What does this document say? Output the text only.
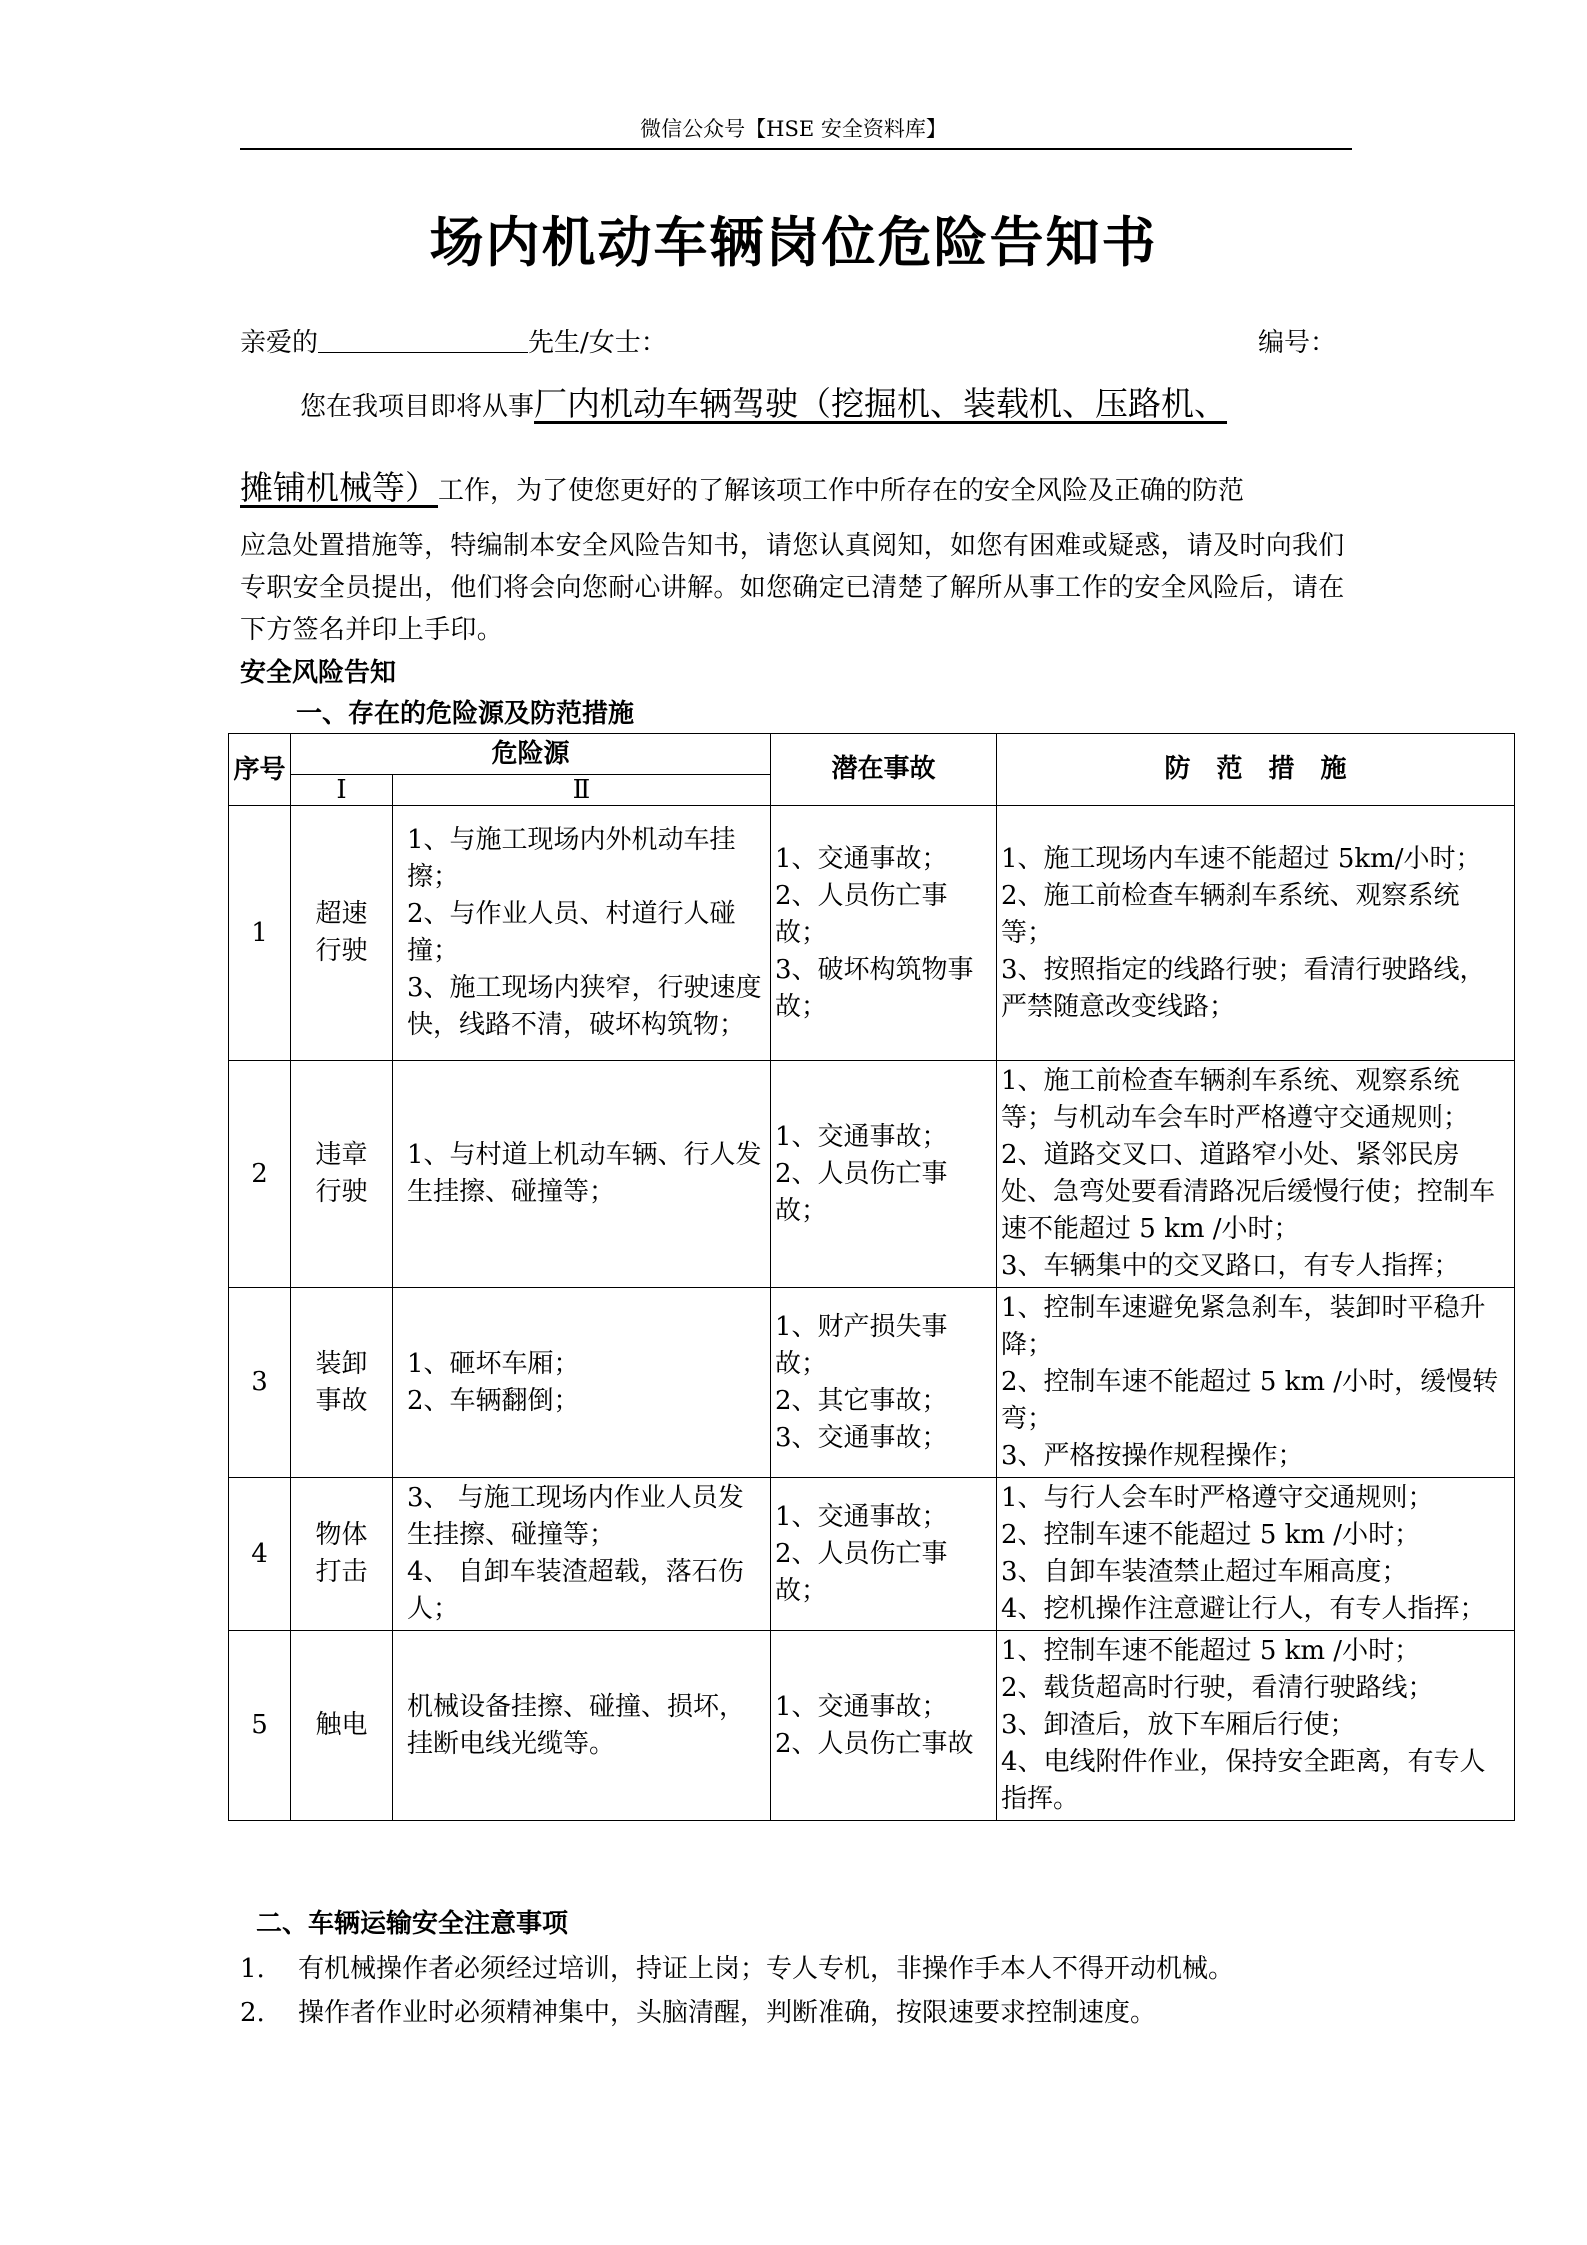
微信公众号【HSE 安全资料库】
场内机动车辆岗位危险告知书
亲爱的	先生/女士：	编号：
您在我项目即将从事厂内机动车辆驾驶（挖掘机、装载机、压路机、
摊铺机械等）工作，为了使您更好的了解该项工作中所存在的安全风险及正确的防范
应急处置措施等，特编制本安全风险告知书，请您认真阅知，如您有困难或疑惑，请及时向我们专职安全员提出，他们将会向您耐心讲解。如您确定已清楚了解所从事工作的安全风险后，请在下方签名并印上手印。
安全风险告知
一、存在的危险源及防范措施
序号	危险源		潜在事故	防　范　措　施
	Ⅰ	Ⅱ		
1	超速行驶	1、与施工现场内外机动车挂擦；
2、与作业人员、村道行人碰撞；
3、施工现场内狭窄，行驶速度快，线路不清，破坏构筑物；	1、交通事故；
2、人员伤亡事故；
3、破坏构筑物事故；	1、施工现场内车速不能超过 5km/小时；
2、施工前检查车辆刹车系统、观察系统等；
3、按照指定的线路行驶；看清行驶路线，严禁随意改变线路；

2	违章行驶	1、与村道上机动车辆、行人发生挂擦、碰撞等；	1、交通事故；
2、人员伤亡事故；	1、施工前检查车辆刹车系统、观察系统等；与机动车会车时严格遵守交通规则；
2、道路交叉口、道路窄小处、紧邻民房处、急弯处要看清路况后缓慢行使；控制车速不能超过 5 km /小时；
3、车辆集中的交叉路口，有专人指挥；

3	装卸事故	1、砸坏车厢；
2、车辆翻倒；	1、财产损失事故；
2、其它事故；
3、交通事故；	1、控制车速避免紧急刹车，装卸时平稳升降；
2、控制车速不能超过 5 km /小时，缓慢转弯；
3、严格按操作规程操作；

4	物体打击	3、 与施工现场内作业人员发生挂擦、碰撞等；
4、 自卸车装渣超载，落石伤人；	1、交通事故；
2、人员伤亡事故；	1、与行人会车时严格遵守交通规则；
2、控制车速不能超过 5 km /小时；
3、自卸车装渣禁止超过车厢高度；
4、挖机操作注意避让行人，有专人指挥；

5	触电	机械设备挂擦、碰撞、损坏，挂断电线光缆等。	1、交通事故；
2、人员伤亡事故	1、控制车速不能超过 5 km /小时；
2、载货超高时行驶，看清行驶路线；
3、卸渣后，放下车厢后行使；
4、电线附件作业，保持安全距离，有专人指挥。
二、车辆运输安全注意事项
1. 有机械操作者必须经过培训，持证上岗；专人专机，非操作手本人不得开动机械。
2. 操作者作业时必须精神集中，头脑清醒，判断准确，按限速要求控制速度。
